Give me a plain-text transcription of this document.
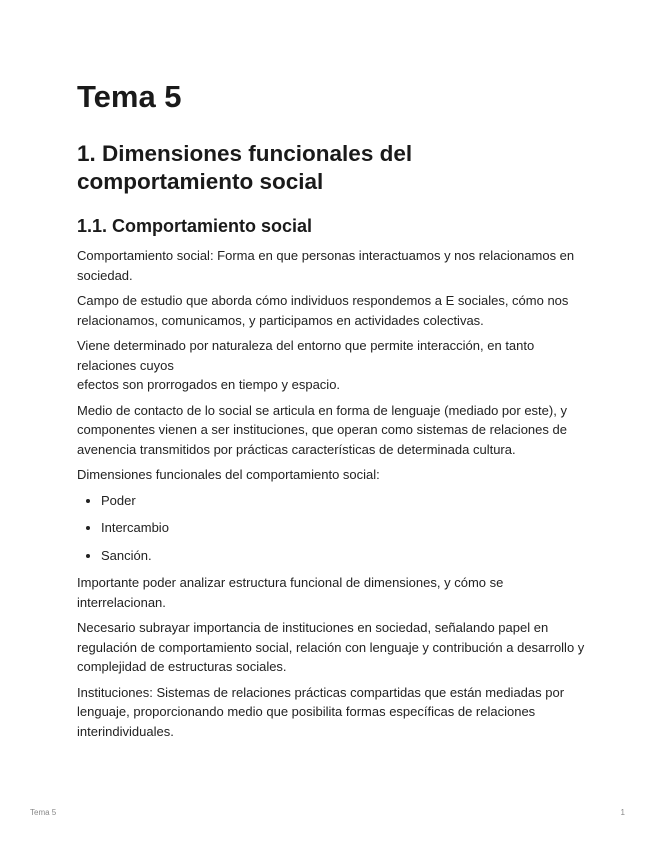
Tema 5
1. Dimensiones funcionales del comportamiento social
1.1. Comportamiento social

Comportamiento social: Forma en que personas interactuamos y nos relacionamos en sociedad.

Campo de estudio que aborda cómo individuos respondemos a E sociales, cómo nos relacionamos, comunicamos, y participamos en actividades colectivas.

Viene determinado por naturaleza del entorno que permite interacción, en tanto relaciones cuyos
efectos son prorrogados en tiempo y espacio.

Medio de contacto de lo social se articula en forma de lenguaje (mediado por este), y componentes vienen a ser instituciones, que operan como sistemas de relaciones de avenencia transmitidos por prácticas características de determinada cultura.

Dimensiones funcionales del comportamiento social:

• Poder
• Intercambio
• Sanción.

Importante poder analizar estructura funcional de dimensiones, y cómo se interrelacionan.

Necesario subrayar importancia de instituciones en sociedad, señalando papel en regulación de comportamiento social, relación con lenguaje y contribución a desarrollo y complejidad de estructuras sociales.

Instituciones: Sistemas de relaciones prácticas compartidas que están mediadas por lenguaje, proporcionando medio que posibilita formas específicas de relaciones interindividuales.

Tema 5	1
